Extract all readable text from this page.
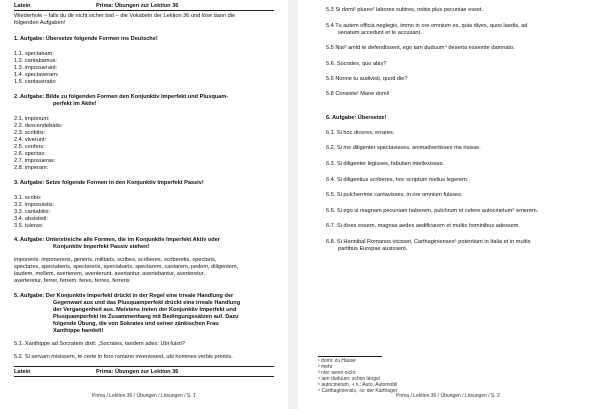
Latein	Prima: Übungen zur Lektion 36
Wiederhole – falls du dir nicht sicher bist – die Vokabeln der Lektion 36 und löse dann die
folgenden Aufgaben!
1. Aufgabe: Übersetze folgende Formen ins Deutsche!
1.1. spectabam:
1.2. cantabamus:
1.3. imposuerant:
1.4. spectaveram:
1.5. cantaveratis:
2. Aufgabe: Bilde zu folgenden Formen den Konjunktiv Imperfekt und Plusquam-
perfekt im Aktiv!
2.1. imponunt:
2.2. descendebatis:
2.3. scribitis:
2.4. viverunt:
2.5. confers:
2.6. spectas:
2.7. imposueras:
2.8. imperam:
3. Aufgabe: Setze folgende Formen in den Konjunktiv Imperfekt Passiv!
3.1. scribo:
3.2. imposuistis:
3.3. cantabitis:
3.4. absististi:
3.5. tuleras:
4. Aufgabe: Unterstreiche alle Formen, die im Konjunktiv Imperfekt Aktiv oder
Konjunktiv Imperfekt Passiv stehen!
imponeris: imponereris, generis, militaris, scribes, scriberes, scriberetis, spectaris,
spectares, spectaberis, spectareris, spectabaris, spectarem, cantarem, pedem, diligentem,
laudem, mollem, averterem, aventerunt, avertantur, avertebantur, averteretur,
averteretur, ferrer, ferrem, feres, ferres, ferreris
5. Aufgabe: Der Konjunktiv Imperfekt drückt in der Regel eine irreale Handlung der
Gegenwart aus und das Plusquamperfekt drückt eine irreale Handlung
der Vergangenheit aus. Meistens treten der Konjunktiv Imperfekt und
Plusquamperfekt im Zusammenhang mit Bedingungssätzen auf. Dazu
folgende Übung, die von Sokrates und seiner zänkischen Frau
Xanthippe handelt!
5.1. Xanthippe ad Socratem dixit: „Socrates, tandem ades: Ubi fuisti?
5.2. Si servam misissem, te certe in foro romano invenissest, ubi homines verbis premis.
Latein	Prima: Übungen zur Lektion 36
Prima / Lektion 36 / Übungen / Lösungen / S. 1
5.3 Si domi¹ plures² labores subires, nobis plus pecuniae esset.
5.4 Tu autem officia neglegis, immo in ore omnium es, quia dives, quos laedis, ad
senatum accedunt et te accusant.
5.5 Nisi³ amid te defendissent, ego iam duduum⁴ deserta essemte damnato.
5.6. Socrates, quo abis?
5.6 Nonne tu audivisti, quod die?
5.8 Consiste! Mane domi!
6. Aufgabe: Übersetze!
6.1. Si hoc diceres, errares.
6.2. Si me diligenter spectavisses, animadvertisses me risisse.
6.3. Si diligenter legisses, fabulam intellexisses.
6.4. Si diligentius scriberes, hoc scriptum melius legerem.
6.5. Si pulcherrime cantavisses, in ore omnium fuisses.
6.6. Si ego si magnam pecuniam haberem, pulchrum et celere autocinetum⁵ emerem.
6.7. Si dives essem, magnas aedes aedificarem et multis hominibus adessem.
6.8. Si Hannibal Romanos vicisset, Carthaginienses⁶ potentiam in Italia et in multis
partibus Europae auxissent.
¹ domi: zu Hause
² mehr
³ nisi: wenn nicht
⁴ iam duduum: schon längst
⁵ autocinetum, -i n.: Auto, Automobil
⁶ Carthaginiensis, -is: der Karthager
Prima / Lektion 36 / Übungen / Lösungen / S. 2
